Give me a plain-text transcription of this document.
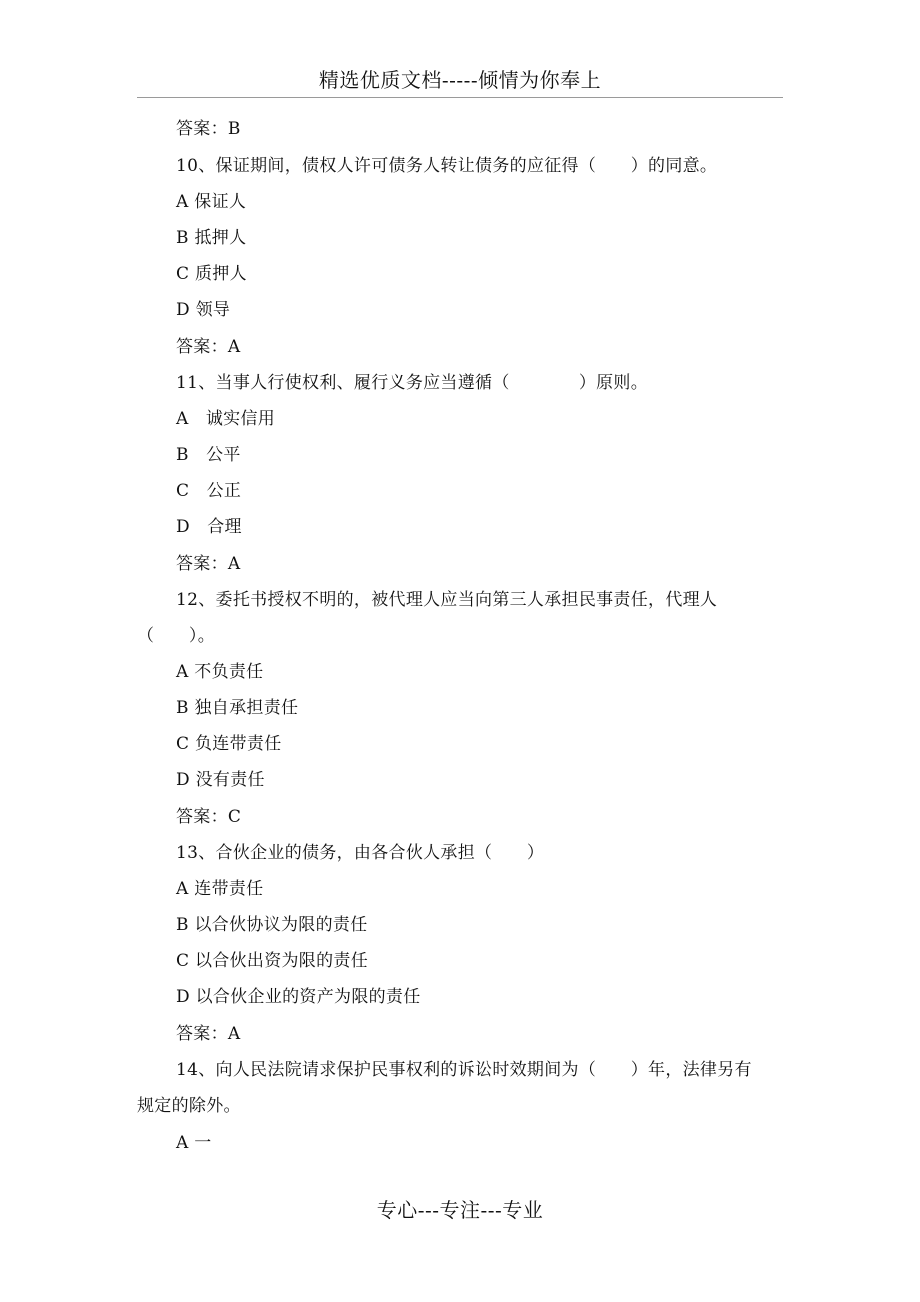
精选优质文档-----倾情为你奉上
答案：B
10、保证期间，债权人许可债务人转让债务的应征得（　　）的同意。
A 保证人
B 抵押人
C 质押人
D 领导
答案：A
11、当事人行使权利、履行义务应当遵循（　　　　）原则。
A　诚实信用
B　公平
C　公正
D　合理
答案：A
12、委托书授权不明的，被代理人应当向第三人承担民事责任，代理人
（　　）。
A 不负责任
B 独自承担责任
C 负连带责任
D 没有责任
答案：C
13、合伙企业的债务，由各合伙人承担（　　）
A 连带责任
B 以合伙协议为限的责任
C 以合伙出资为限的责任
D 以合伙企业的资产为限的责任
答案：A
14、向人民法院请求保护民事权利的诉讼时效期间为（　　）年，法律另有
规定的除外。
A 一
专心---专注---专业
